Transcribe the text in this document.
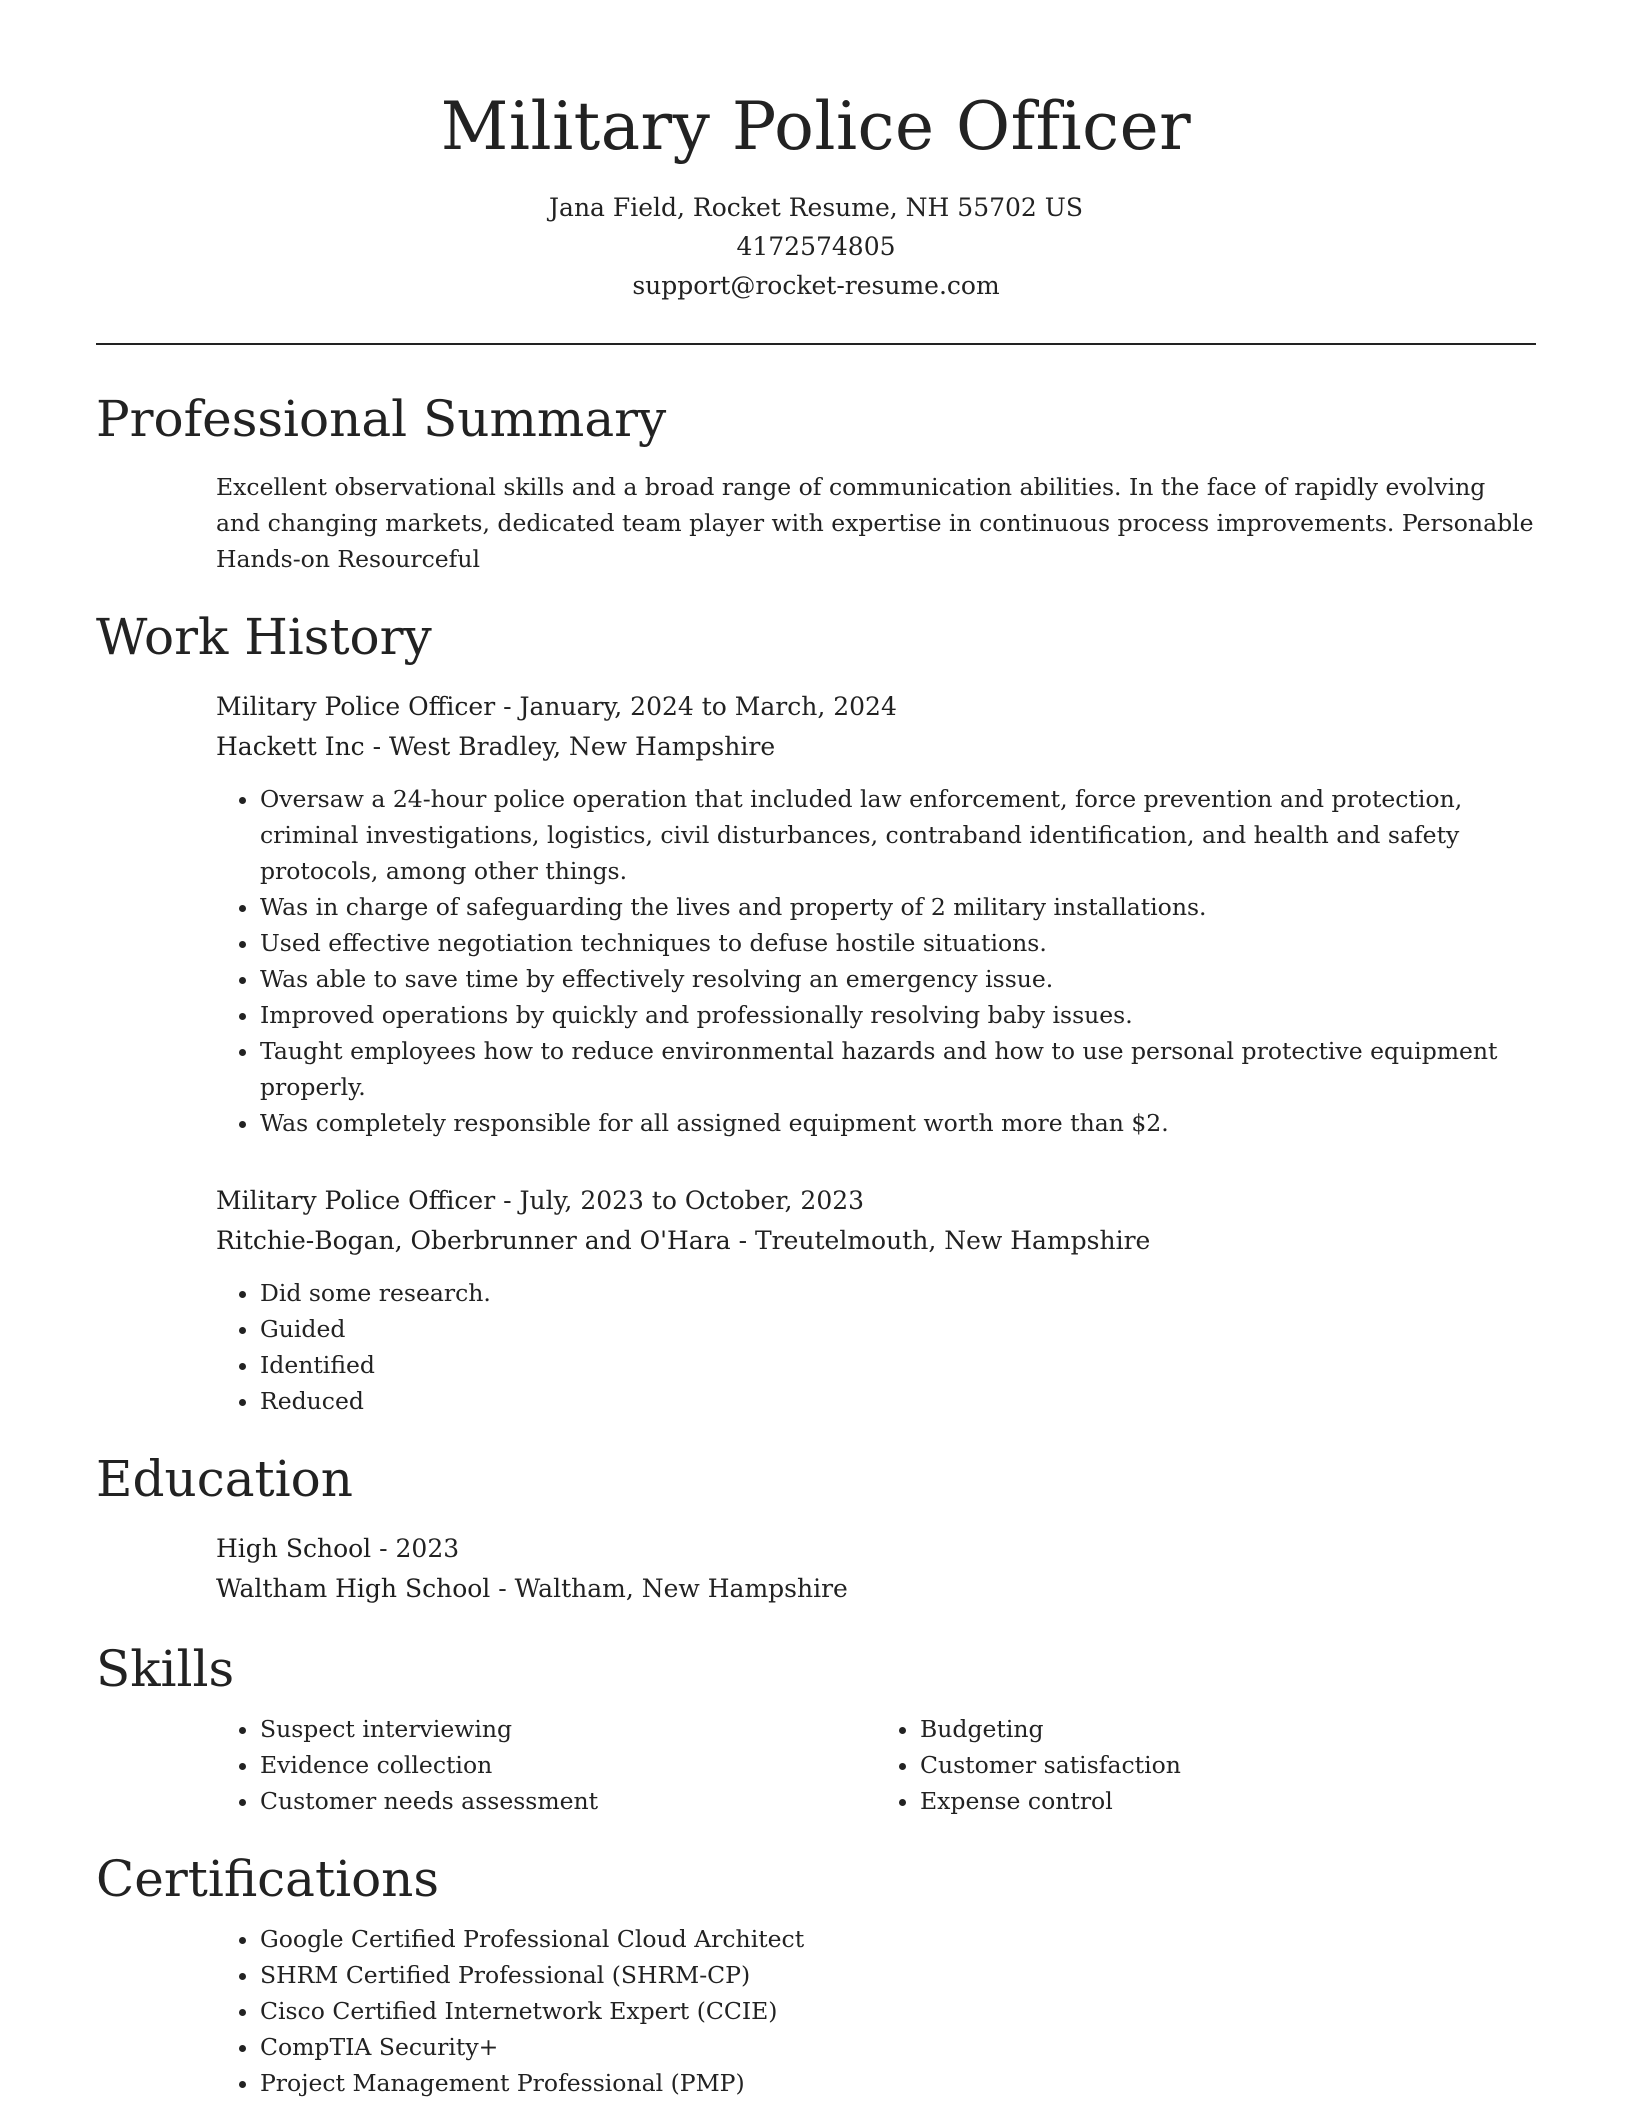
Military Police Officer
Jana Field, Rocket Resume, NH 55702 US
4172574805
support@rocket-resume.com
Professional Summary
Excellent observational skills and a broad range of communication abilities. In the face of rapidly evolving and changing markets, dedicated team player with expertise in continuous process improvements. Personable Hands-on Resourceful
Work History
Military Police Officer - January, 2024 to March, 2024
Hackett Inc - West Bradley, New Hampshire
• Oversaw a 24-hour police operation that included law enforcement, force prevention and protection, criminal investigations, logistics, civil disturbances, contraband identification, and health and safety protocols, among other things.
• Was in charge of safeguarding the lives and property of 2 military installations.
• Used effective negotiation techniques to defuse hostile situations.
• Was able to save time by effectively resolving an emergency issue.
• Improved operations by quickly and professionally resolving baby issues.
• Taught employees how to reduce environmental hazards and how to use personal protective equipment properly.
• Was completely responsible for all assigned equipment worth more than $2.
Military Police Officer - July, 2023 to October, 2023
Ritchie-Bogan, Oberbrunner and O'Hara - Treutelmouth, New Hampshire
• Did some research.
• Guided
• Identified
• Reduced
Education
High School - 2023
Waltham High School - Waltham, New Hampshire
Skills
• Suspect interviewing
• Evidence collection
• Customer needs assessment
• Budgeting
• Customer satisfaction
• Expense control
Certifications
• Google Certified Professional Cloud Architect
• SHRM Certified Professional (SHRM-CP)
• Cisco Certified Internetwork Expert (CCIE)
• CompTIA Security+
• Project Management Professional (PMP)
